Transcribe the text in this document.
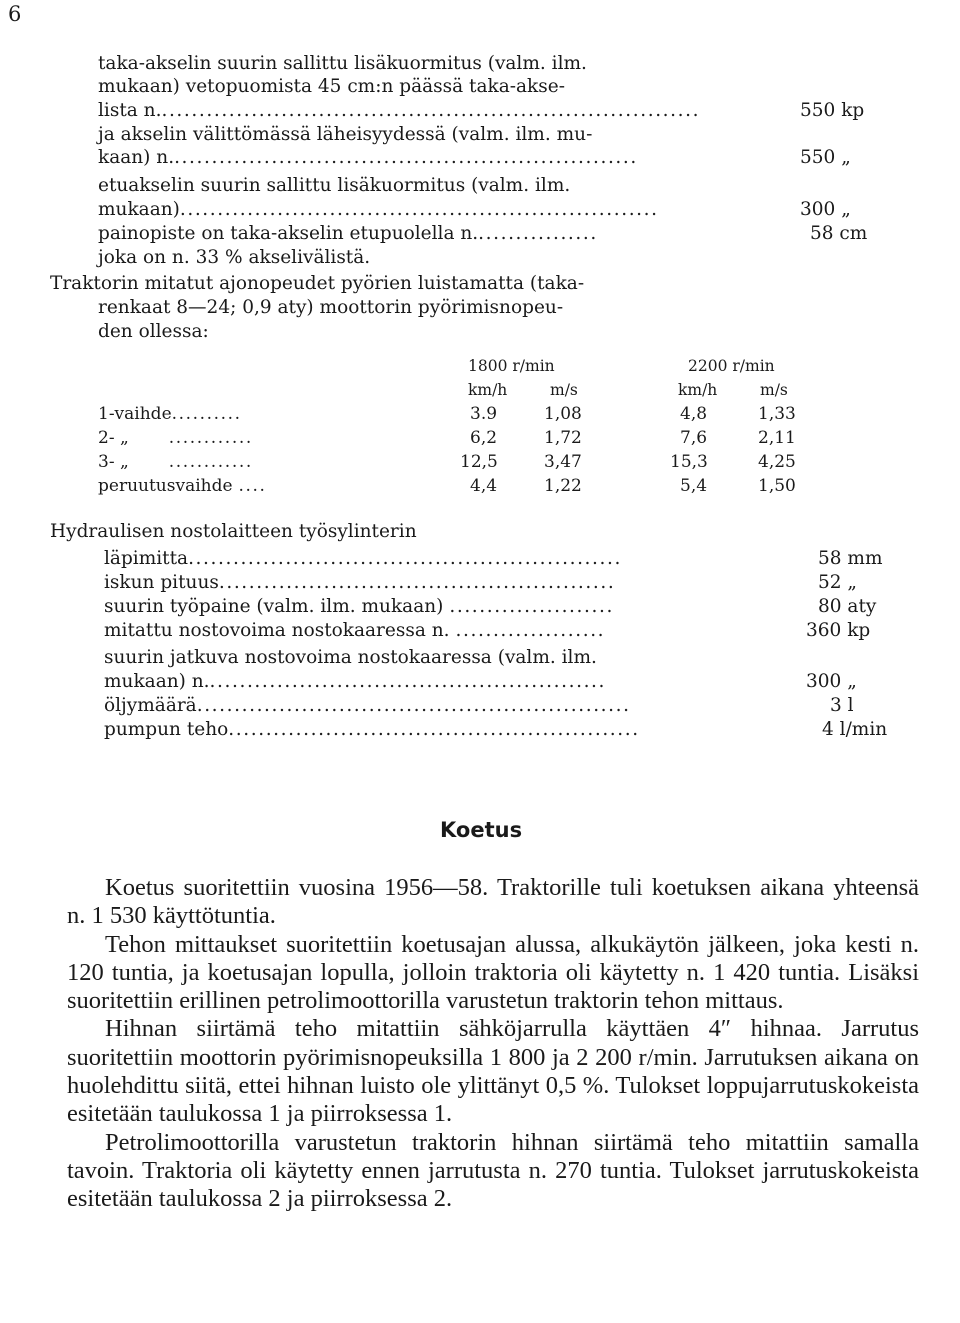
6
taka-akselin suurin sallittu lisäkuormitus (valm. ilm.
mukaan) vetopuomista 45 cm:n päässä taka-akse-
lista n.........................................................................	550 kp
ja akselin välittömässä läheisyydessä (valm. ilm. mu-
kaan) n...............................................................	550 „
etuakselin suurin sallittu lisäkuormitus (valm. ilm.
mukaan)................................................................	300 „
painopiste on taka-akselin etupuolella n.................	58 cm
joka on n. 33 % akselivälistä.
Traktorin mitatut ajonopeudet pyörien luistamatta (taka-
renkaat 8—24; 0,9 aty) moottorin pyörimisnopeu-
den ollessa:
1800 r/min	2200 r/min
km/h	m/s	km/h	m/s
1-vaihde..........	3.9	1,08	4,8	1,33
2- „ ............	6,2	1,72	7,6	2,11
3- „ ............	12,5	3,47	15,3	4,25
peruutusvaihde ....	4,4	1,22	5,4	1,50
Hydraulisen nostolaitteen työsylinterin
läpimitta..........................................................	58 mm
iskun pituus.....................................................	52 „
suurin työpaine (valm. ilm. mukaan) ......................	80 aty
mitattu nostovoima nostokaaressa n. ....................	360 kp
suurin jatkuva nostovoima nostokaaressa (valm. ilm.
mukaan) n......................................................	300 „
öljymäärä..........................................................	3 l
pumpun teho.......................................................	4 l/min
Koetus

Koetus suoritettiin vuosina 1956—58. Traktorille tuli koetuksen aikana yhteensä n. 1 530 käyttötuntia.

Tehon mittaukset suoritettiin koetusajan alussa, alkukäytön jälkeen, joka kesti n. 120 tuntia, ja koetusajan lopulla, jolloin traktoria oli käytetty n. 1 420 tuntia. Lisäksi suoritettiin erillinen petrolimoottorilla varustetun traktorin tehon mittaus.

Hihnan siirtämä teho mitattiin sähköjarrulla käyttäen 4″ hihnaa. Jarrutus suoritettiin moottorin pyörimisnopeuksilla 1 800 ja 2 200 r/min. Jarrutuksen aikana on huolehdittu siitä, ettei hihnan luisto ole ylittänyt 0,5 %. Tulokset loppujarrutuskokeista esitetään taulukossa 1 ja piirroksessa 1.

Petrolimoottorilla varustetun traktorin hihnan siirtämä teho mitattiin samalla tavoin. Traktoria oli käytetty ennen jarrutusta n. 270 tuntia. Tulokset jarrutuskokeista esitetään taulukossa 2 ja piirroksessa 2.
